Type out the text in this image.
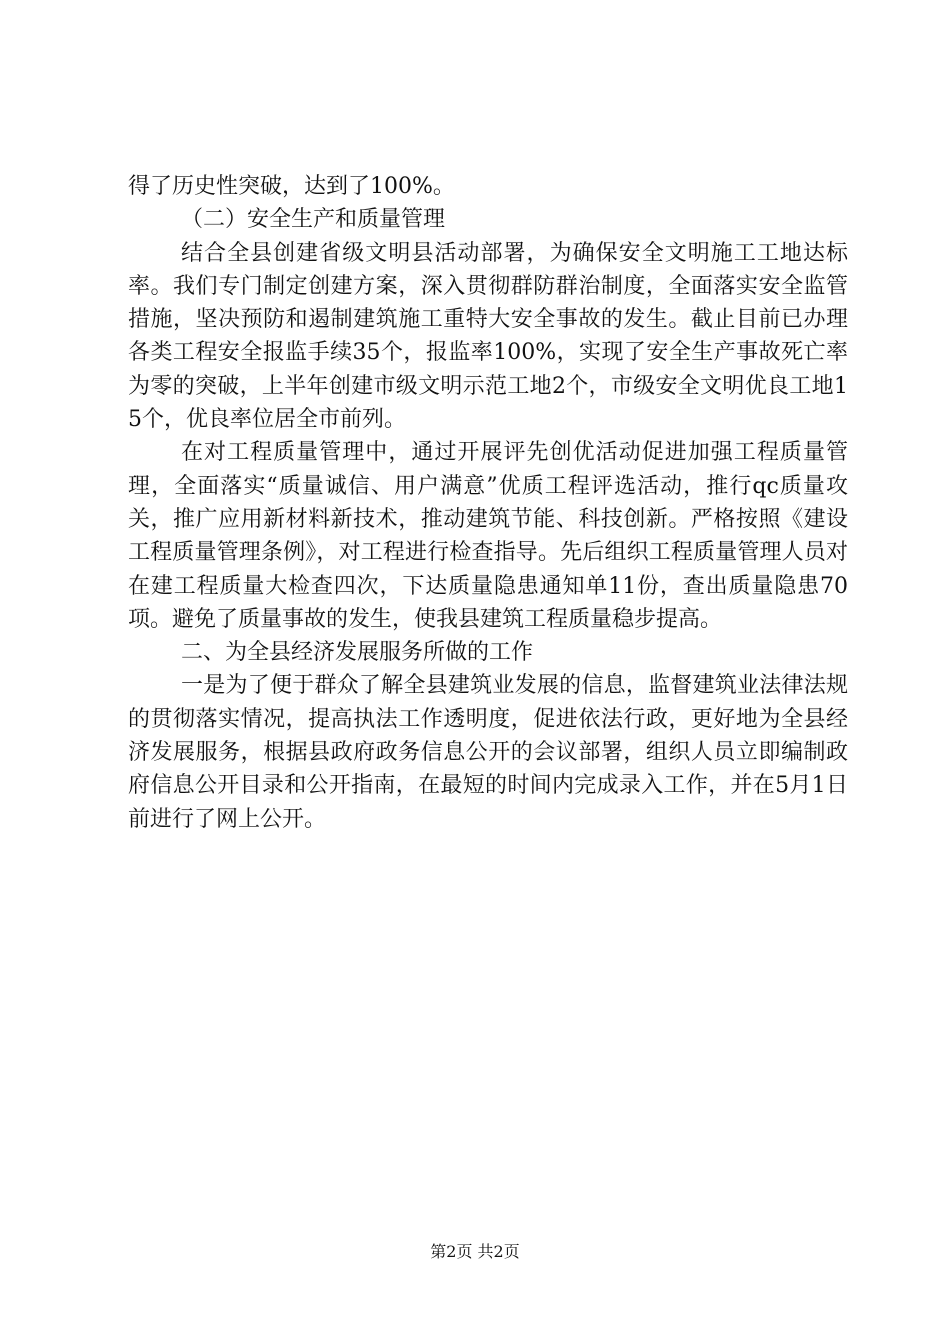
得了历史性突破，达到了100%。

（二）安全生产和质量管理

结合全县创建省级文明县活动部署，为确保安全文明施工工地达标率。我们专门制定创建方案，深入贯彻群防群治制度，全面落实安全监管措施，坚决预防和遏制建筑施工重特大安全事故的发生。截止目前已办理各类工程安全报监手续35个，报监率100%，实现了安全生产事故死亡率为零的突破，上半年创建市级文明示范工地2个，市级安全文明优良工地15个，优良率位居全市前列。

在对工程质量管理中，通过开展评先创优活动促进加强工程质量管理，全面落实“质量诚信、用户满意”优质工程评选活动，推行qc质量攻关，推广应用新材料新技术，推动建筑节能、科技创新。严格按照《建设工程质量管理条例》，对工程进行检查指导。先后组织工程质量管理人员对在建工程质量大检查四次，下达质量隐患通知单11份，查出质量隐患70项。避免了质量事故的发生，使我县建筑工程质量稳步提高。

二、为全县经济发展服务所做的工作

一是为了便于群众了解全县建筑业发展的信息，监督建筑业法律法规的贯彻落实情况，提高执法工作透明度，促进依法行政，更好地为全县经济发展服务，根据县政府政务信息公开的会议部署，组织人员立即编制政府信息公开目录和公开指南，在最短的时间内完成录入工作，并在5月1日前进行了网上公开。

第2页 共2页
